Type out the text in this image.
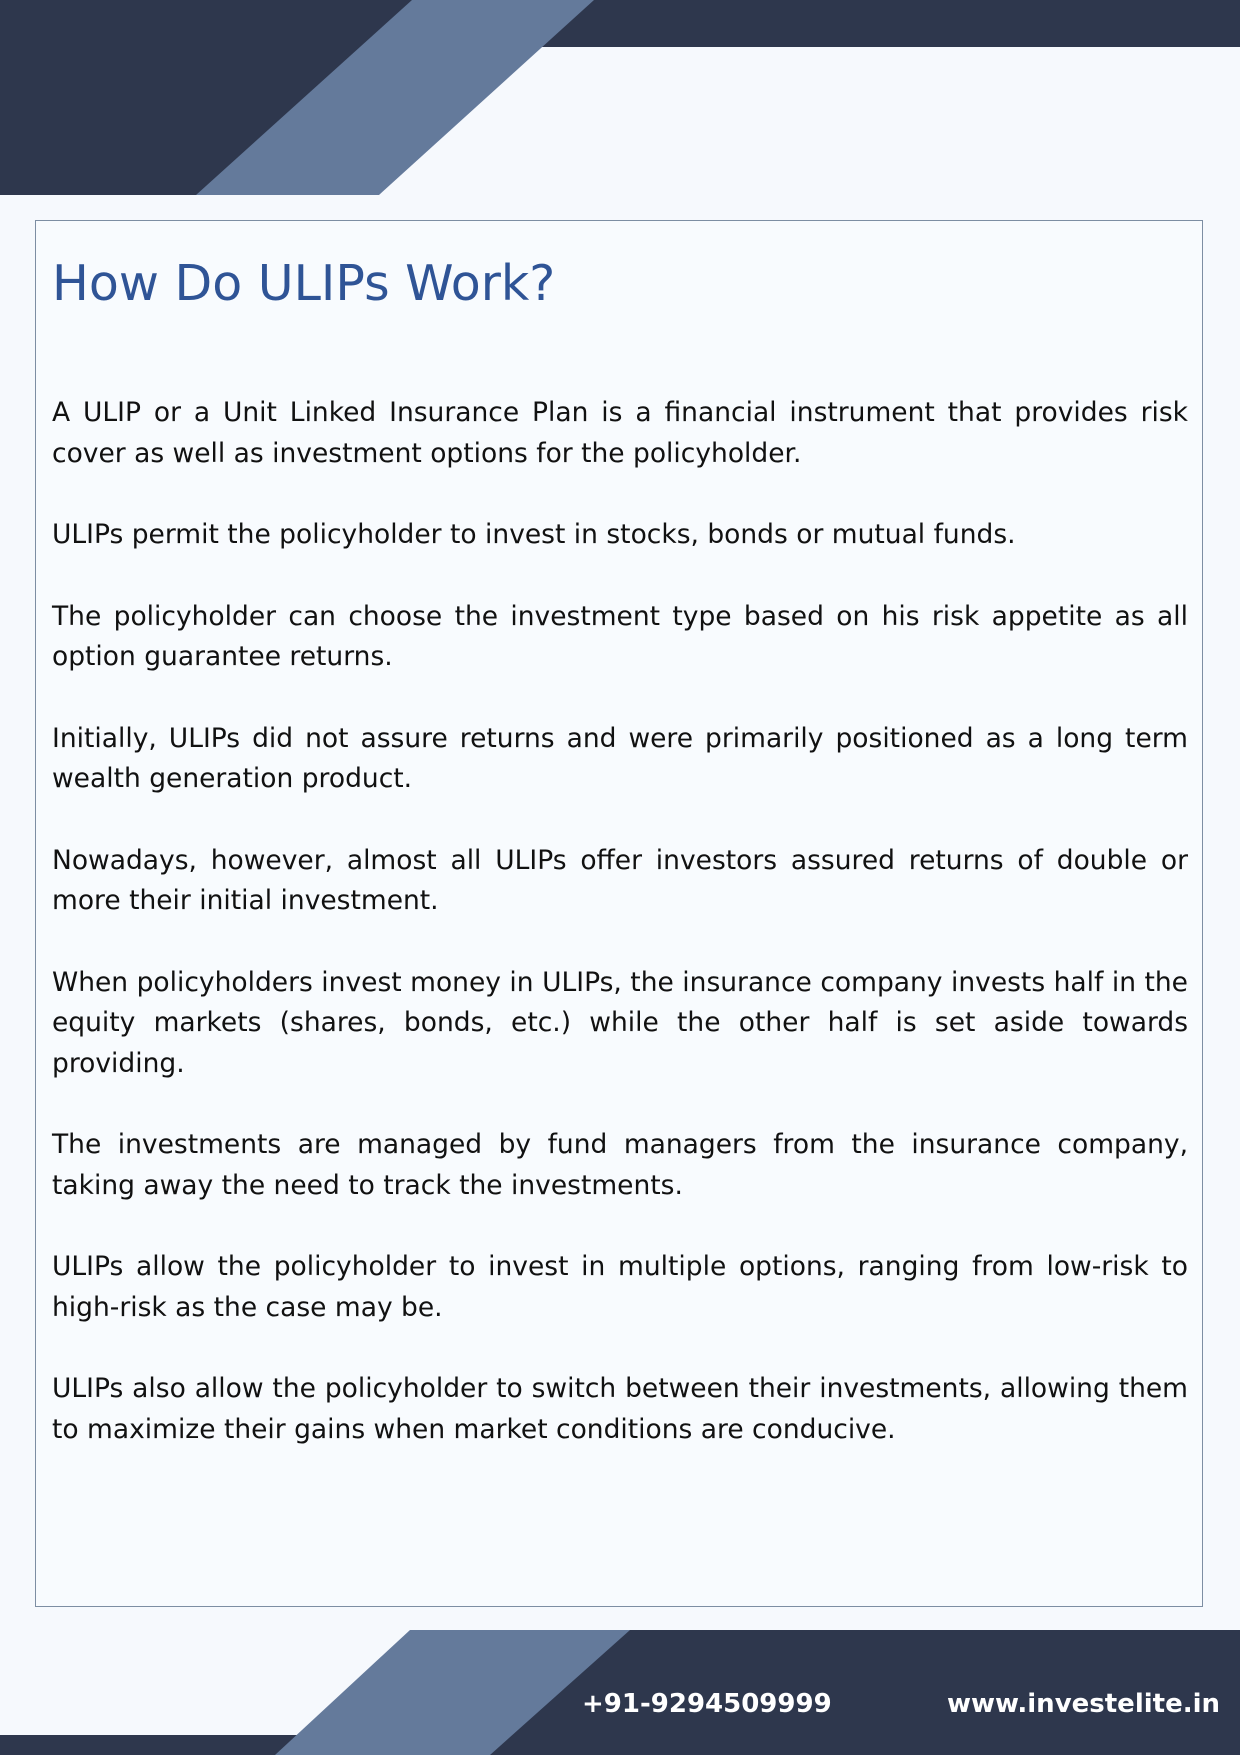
How Do ULIPs Work?

A ULIP or a Unit Linked Insurance Plan is a financial instrument that provides risk cover as well as investment options for the policyholder.

ULIPs permit the policyholder to invest in stocks, bonds or mutual funds.

The policyholder can choose the investment type based on his risk appetite as all option guarantee returns.

Initially, ULIPs did not assure returns and were primarily positioned as a long term wealth generation product.

Nowadays, however, almost all ULIPs offer investors assured returns of double or more their initial investment.

When policyholders invest money in ULIPs, the insurance company invests half in the equity markets (shares, bonds, etc.) while the other half is set aside towards providing.

The investments are managed by fund managers from the insurance company, taking away the need to track the investments.

ULIPs allow the policyholder to invest in multiple options, ranging from low-risk to high-risk as the case may be.

ULIPs also allow the policyholder to switch between their investments, allowing them to maximize their gains when market conditions are conducive.

+91-9294509999	www.investelite.in
